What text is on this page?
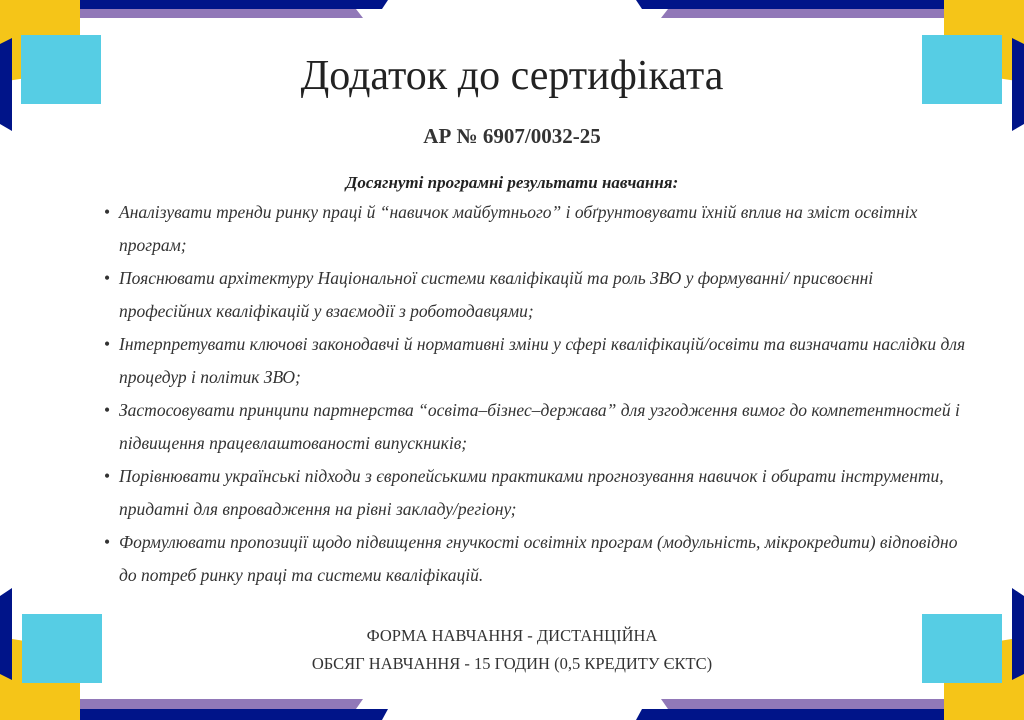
Додаток до сертифіката
АР № 6907/0032-25
Досягнуті програмні результати навчання:
• Аналізувати тренди ринку праці й “навичок майбутнього” і обґрунтовувати їхній вплив на зміст освітніх програм;
• Пояснювати архітектуру Національної системи кваліфікацій та роль ЗВО у формуванні/ присвоєнні професійних кваліфікацій у взаємодії з роботодавцями;
• Інтерпретувати ключові законодавчі й нормативні зміни у сфері кваліфікацій/освіти та визначати наслідки для процедур і політик ЗВО;
• Застосовувати принципи партнерства “освіта–бізнес–держава” для узгодження вимог до компетентностей і підвищення працевлаштованості випускників;
• Порівнювати українські підходи з європейськими практиками прогнозування навичок і обирати інструменти, придатні для впровадження на рівні закладу/регіону;
• Формулювати пропозиції щодо підвищення гнучкості освітніх програм (модульність, мікрокредити) відповідно до потреб ринку праці та системи кваліфікацій.
ФОРМА НАВЧАННЯ - ДИСТАНЦІЙНА
ОБСЯГ НАВЧАННЯ - 15 ГОДИН (0,5 КРЕДИТУ ЄКТС)
